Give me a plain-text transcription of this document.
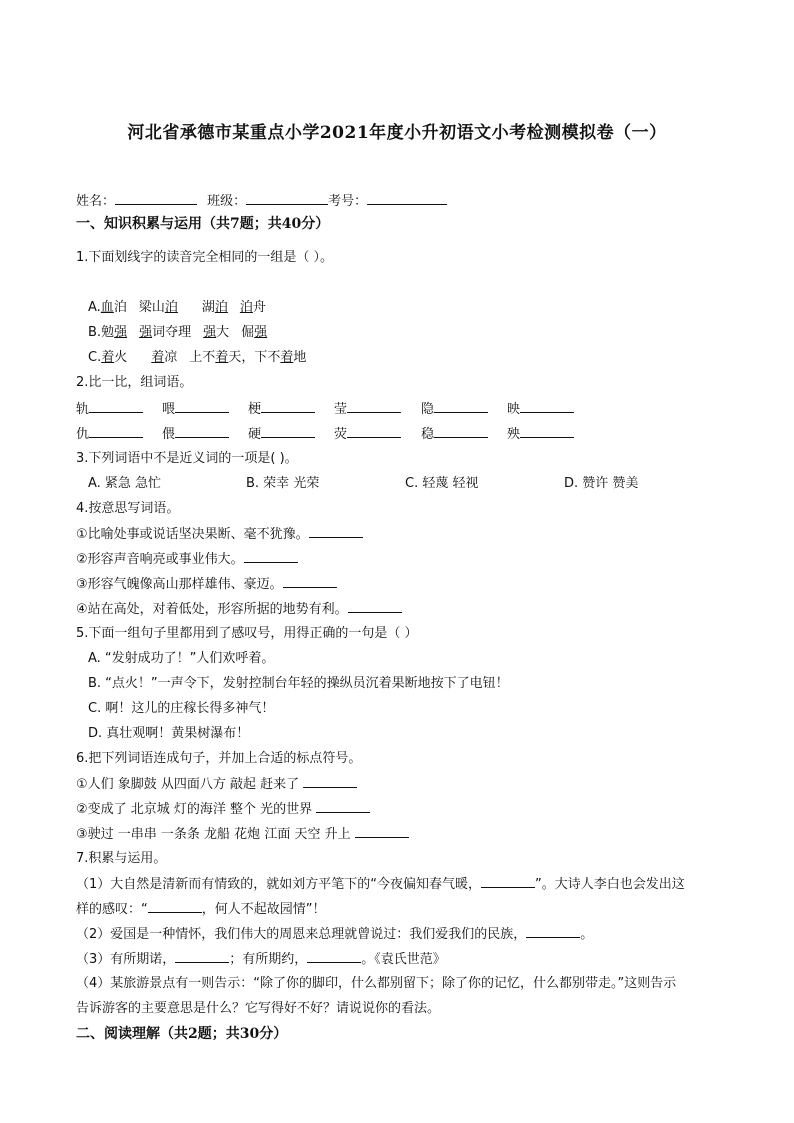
河北省承德市某重点小学2021年度小升初语文小考检测模拟卷（一）
姓名：	班级：	考号：
一、知识积累与运用（共7题；共40分）
1.下面划线字的读音完全相同的一组是（ ）。
A.血泊 梁山泊 湖泊 泊舟
B.勉强 强词夺理 强大 倔强
C.着火 着凉 上不着天，下不着地
2.比一比，组词语。
轨	喂	梗	莹	隐	映
仇	偎	硬	荧	稳	殃
3.下列词语中不是近义词的一项是( )。
A. 紧急 急忙	B. 荣幸 光荣	C. 轻蔑 轻视	D. 赞许 赞美
4.按意思写词语。
①比喻处事或说话坚决果断、毫不犹豫。
②形容声音响亮或事业伟大。
③形容气魄像高山那样雄伟、豪迈。
④站在高处，对着低处，形容所据的地势有利。
5.下面一组句子里都用到了感叹号，用得正确的一句是（ ）
A. “发射成功了！”人们欢呼着。
B. “点火！”一声令下，发射控制台年轻的操纵员沉着果断地按下了电钮！
C. 啊！这儿的庄稼长得多神气！
D. 真壮观啊！黄果树瀑布！
6.把下列词语连成句子，并加上合适的标点符号。
①人们 象脚鼓 从四面八方 敲起 赶来了
②变成了 北京城 灯的海洋 整个 光的世界
③驶过 一串串 一条条 龙船 花炮 江面 天空 升上
7.积累与运用。
（1）大自然是清新而有情致的，就如刘方平笔下的“今夜偏知春气暖，	”。大诗人李白也会发出这
样的感叹：“	，何人不起故园情”！
（2）爱国是一种情怀，我们伟大的周恩来总理就曾说过：我们爱我们的民族，	。
（3）有所期诺，	；有所期约，	。《袁氏世范》
（4）某旅游景点有一则告示：“除了你的脚印，什么都别留下；除了你的记忆，什么都别带走。”这则告示
告诉游客的主要意思是什么？它写得好不好？请说说你的看法。
二、阅读理解（共2题；共30分）
